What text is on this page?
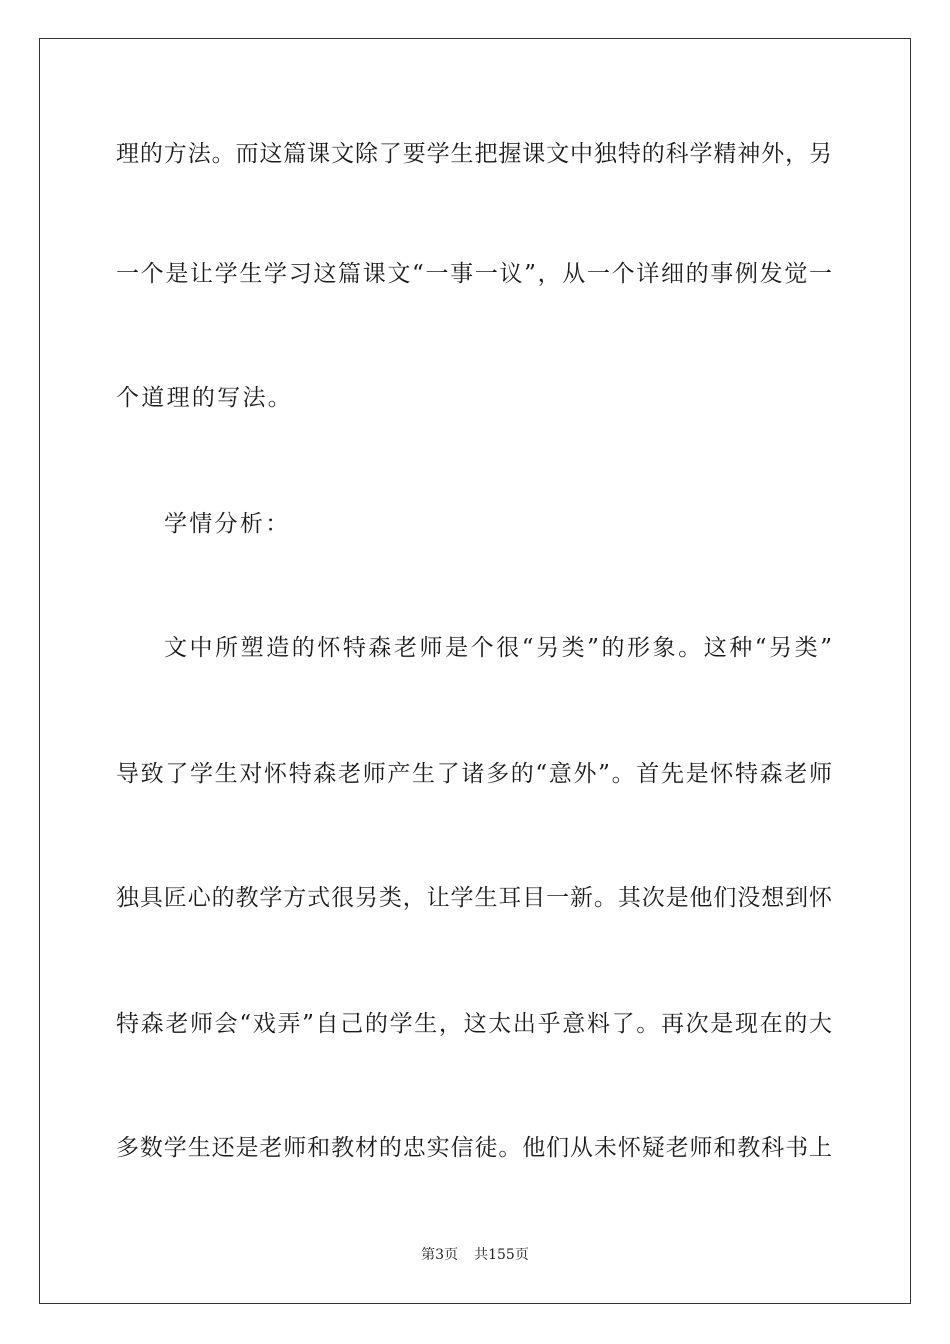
理的方法。而这篇课文除了要学生把握课文中独特的科学精神外，另
一个是让学生学习这篇课文“一事一议”，从一个详细的事例发觉一
个道理的写法。
学情分析：
文中所塑造的怀特森老师是个很“另类”的形象。这种“另类”
导致了学生对怀特森老师产生了诸多的“意外”。首先是怀特森老师
独具匠心的教学方式很另类，让学生耳目一新。其次是他们没想到怀
特森老师会“戏弄”自己的学生，这太出乎意料了。再次是现在的大
多数学生还是老师和教材的忠实信徒。他们从未怀疑老师和教科书上
第3页 共155页
